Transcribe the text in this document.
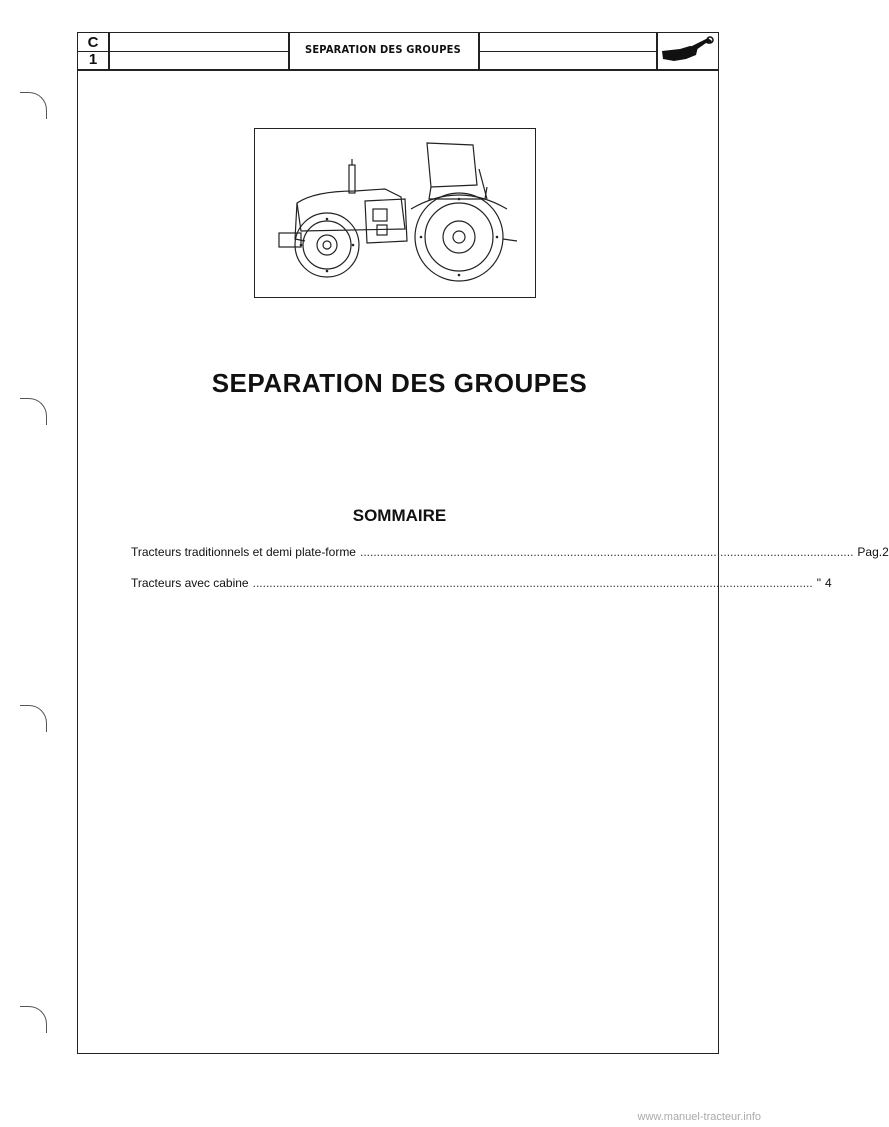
C
1
SEPARATION DES GROUPES
SEPARATION DES GROUPES
SOMMAIRE
Tracteurs traditionnels et demi plate-forme .................................................................................................................................................... Pag. 2
Tracteurs avec cabine ........................................................................................................................................................................ " 4
www.manuel-tracteur.info
